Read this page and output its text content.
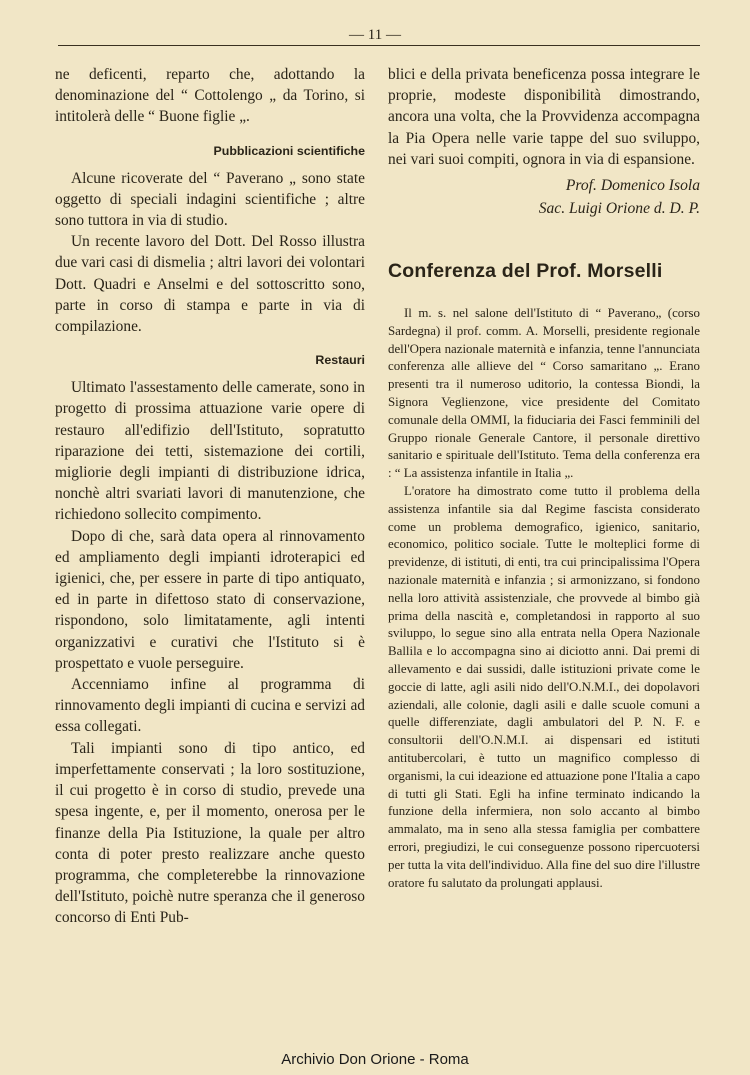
— 11 —

ne deficenti, reparto che, adottando la denominazione del “ Cottolengo „ da Torino, si intitolerà delle “ Buone figlie „.

Pubblicazioni scientifiche

Alcune ricoverate del “ Paverano „ sono state oggetto di speciali indagini scientifiche ; altre sono tuttora in via di studio.

Un recente lavoro del Dott. Del Rosso illustra due vari casi di dismelia ; altri lavori dei volontari Dott. Quadri e Anselmi e del sottoscritto sono, parte in corso di stampa e parte in via di compilazione.

Restauri

Ultimato l'assestamento delle camerate, sono in progetto di prossima attuazione varie opere di restauro all'edifizio dell'Istituto, sopratutto riparazione dei tetti, sistemazione dei cortili, migliorie degli impianti di distribuzione idrica, nonchè altri svariati lavori di manutenzione, che richiedono sollecito compimento.

Dopo di che, sarà data opera al rinnovamento ed ampliamento degli impianti idroterapici ed igienici, che, per essere in parte di tipo antiquato, ed in parte in difettoso stato di conservazione, rispondono, solo limitatamente, agli intenti organizzativi e curativi che l'Istituto si è prospettato e vuole perseguire.

Accenniamo infine al programma di rinnovamento degli impianti di cucina e servizi ad essa collegati.

Tali impianti sono di tipo antico, ed imperfettamente conservati ; la loro sostituzione, il cui progetto è in corso di studio, prevede una spesa ingente, e, per il momento, onerosa per le finanze della Pia Istituzione, la quale per altro conta di poter presto realizzare anche questo programma, che completerebbe la rinnovazione dell'Istituto, poichè nutre speranza che il generoso concorso di Enti Pub-

blici e della privata beneficenza possa integrare le proprie, modeste disponibilità dimostrando, ancora una volta, che la Provvidenza accompagna la Pia Opera nelle varie tappe del suo sviluppo, nei vari suoi compiti, ognora in via di espansione.

Prof. Domenico Isola
Sac. Luigi Orione d. D. P.
Conferenza del Prof. Morselli

Il m. s. nel salone dell'Istituto di “ Paverano„ (corso Sardegna) il prof. comm. A. Morselli, presidente regionale dell'Opera nazionale maternità e infanzia, tenne l'annunciata conferenza alle allieve del “ Corso samaritano „. Erano presenti tra il numeroso uditorio, la contessa Biondi, la Signora Veglienzone, vice presidente del Comitato comunale della OMMI, la fiduciaria dei Fasci femminili del Gruppo rionale Generale Cantore, il personale direttivo sanitario e spirituale dell'Istituto. Tema della conferenza era : “ La assistenza infantile in Italia „.

L'oratore ha dimostrato come tutto il problema della assistenza infantile sia dal Regime fascista considerato come un problema demografico, igienico, sanitario, economico, politico sociale. Tutte le molteplici forme di previdenze, di istituti, di enti, tra cui principalissima l'Opera nazionale maternità e infanzia ; si armonizzano, si fondono nella loro attività assistenziale, che provvede al bimbo già prima della nascità e, completandosi in rapporto al suo sviluppo, lo segue sino alla entrata nella Opera Nazionale Ballila e lo accompagna sino ai diciotto anni. Dai premi di allevamento e dai sussidi, dalle istituzioni private come le goccie di latte, agli asili nido dell'O.N.M.I., dei dopolavori aziendali, alle colonie, dagli asili e dalle scuole comuni a quelle differenziate, dagli ambulatori del P. N. F. e consultorii dell'O.N.M.I. ai dispensari ed istituti antitubercolari, è tutto un magnifico complesso di organismi, la cui ideazione ed attuazione pone l'Italia a capo di tutti gli Stati. Egli ha infine terminato indicando la funzione della infermiera, non solo accanto al bimbo ammalato, ma in seno alla stessa famiglia per combattere errori, pregiudizi, le cui conseguenze possono ripercuotersi per tutta la vita dell'individuo. Alla fine del suo dire l'illustre oratore fu salutato da prolungati applausi.

Archivio Don Orione - Roma
